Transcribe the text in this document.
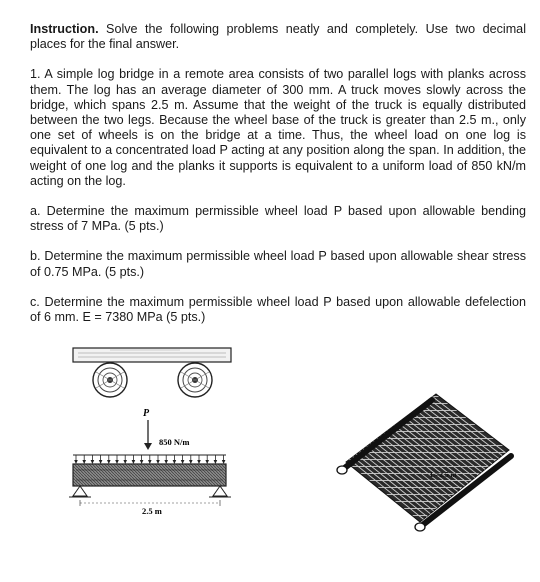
Instruction. Solve the following problems neatly and completely. Use two decimal places for the final answer.

1. A simple log bridge in a remote area consists of two parallel logs with planks across them. The log has an average diameter of 300 mm. A truck moves slowly across the bridge, which spans 2.5 m. Assume that the weight of the truck is equally distributed between the two legs. Because the wheel base of the truck is greater than 2.5 m., only one set of wheels is on the bridge at a time. Thus, the wheel load on one log is equivalent to a concentrated load P acting at any position along the span. In addition, the weight of one log and the planks it supports is equivalent to a uniform load of 850 kN/m acting on the log.

a. Determine the maximum permissible wheel load P based upon allowable bending stress of 7 MPa. (5 pts.)

b. Determine the maximum permissible wheel load P based upon allowable shear stress of 0.75 MPa. (5 pts.)

c. Determine the maximum permissible wheel load P based upon allowable defelection of 6 mm. E = 7380 MPa (5 pts.)

P
850 N/m
2.5 m
L=2.5 m
